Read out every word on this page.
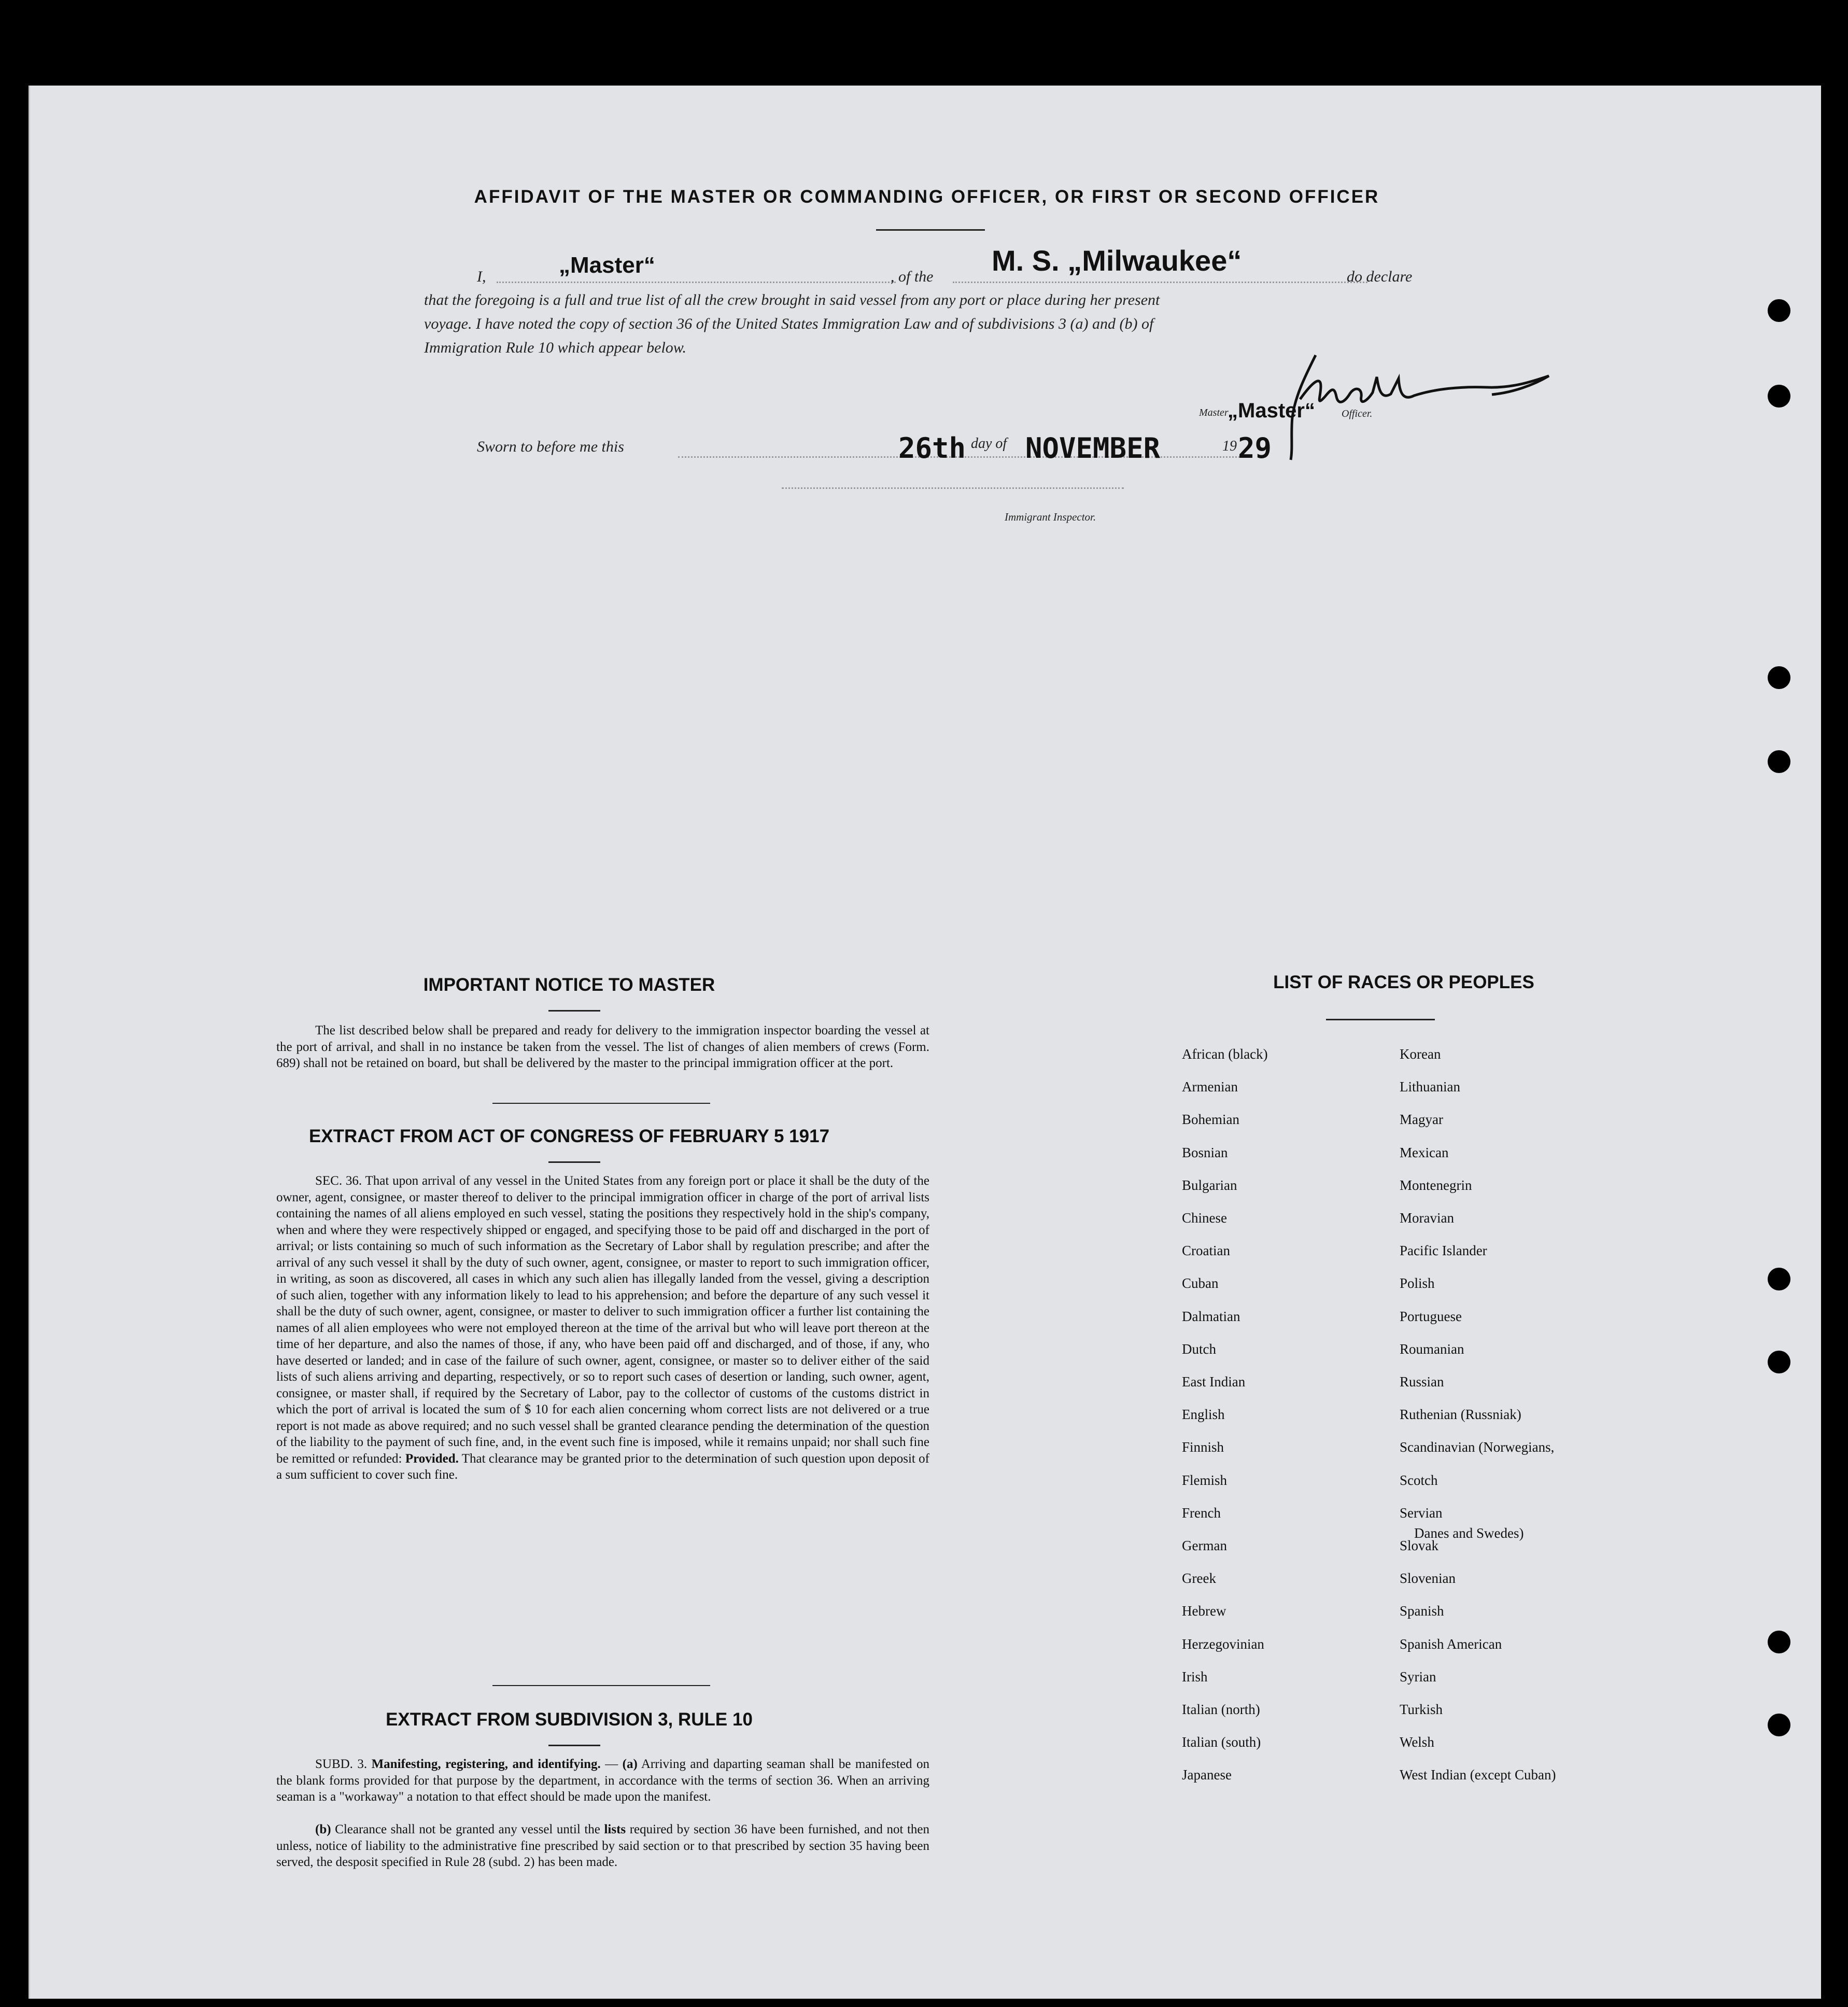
AFFIDAVIT OF THE MASTER OR COMMANDING OFFICER, OR FIRST OR SECOND OFFICER
I,	„Master“	, of the M. S. „Milwaukee“	do declare
that the foregoing is a full and true list of all the crew brought in said vessel from any port or place during her present
voyage. I have noted the copy of section 36 of the United States Immigration Law and of subdivisions 3 (a) and (b) of
Immigration Rule 10 which appear below.
Master
„Master“	Officer.
Sworn to before me this	26th day of NOVEMBER	19 29
Immigrant Inspector.
IMPORTANT NOTICE TO MASTER
The list described below shall be prepared and ready for delivery to the immigration inspector boarding the vessel at the port of arrival, and shall in no instance be taken from the vessel. The list of changes of alien members of crews (Form. 689) shall not be retained on board, but shall be delivered by the master to the principal immigration officer at the port.
EXTRACT FROM ACT OF CONGRESS OF FEBRUARY 5 1917
SEC. 36. That upon arrival of any vessel in the United States from any foreign port or place it shall be the duty of the owner, agent, consignee, or master thereof to deliver to the principal immigration officer in charge of the port of arrival lists containing the names of all aliens employed en such vessel, stating the positions they respectively hold in the ship's company, when and where they were respectively shipped or engaged, and specifying those to be paid off and discharged in the port of arrival; or lists containing so much of such information as the Secretary of Labor shall by regulation prescribe; and after the arrival of any such vessel it shall by the duty of such owner, agent, consignee, or master to report to such immigration officer, in writing, as soon as discovered, all cases in which any such alien has illegally landed from the vessel, giving a description of such alien, together with any information likely to lead to his apprehension; and before the departure of any such vessel it shall be the duty of such owner, agent, consignee, or master to deliver to such immigration officer a further list containing the names of all alien employees who were not employed thereon at the time of the arrival but who will leave port thereon at the time of her departure, and also the names of those, if any, who have been paid off and discharged, and of those, if any, who have deserted or landed; and in case of the failure of such owner, agent, consignee, or master so to deliver either of the said lists of such aliens arriving and departing, respectively, or so to report such cases of desertion or landing, such owner, agent, consignee, or master shall, if required by the Secretary of Labor, pay to the collector of customs of the customs district in which the port of arrival is located the sum of $ 10 for each alien concerning whom correct lists are not delivered or a true report is not made as above required; and no such vessel shall be granted clearance pending the determination of the question of the liability to the payment of such fine, and, in the event such fine is imposed, while it remains unpaid; nor shall such fine be remitted or refunded: Provided. That clearance may be granted prior to the determination of such question upon deposit of a sum sufficient to cover such fine.
EXTRACT FROM SUBDIVISION 3, RULE 10
SUBD. 3. Manifesting, registering, and identifying. — (a) Arriving and daparting seaman shall be manifested on the blank forms provided for that purpose by the department, in accordance with the terms of section 36. When an arriving seaman is a "workaway" a notation to that effect should be made upon the manifest.
(b) Clearance shall not be granted any vessel until the lists required by section 36 have been furnished, and not then unless, notice of liability to the administrative fine prescribed by said section or to that prescribed by section 35 having been served, the desposit specified in Rule 28 (subd. 2) has been made.
LIST OF RACES OR PEOPLES
African (black)
Armenian
Bohemian
Bosnian
Bulgarian
Chinese
Croatian
Cuban
Dalmatian
Dutch
East Indian
English
Finnish
Flemish
French
German
Greek
Hebrew
Herzegovinian
Irish
Italian (north)
Italian (south)
Japanese
Korean
Lithuanian
Magyar
Mexican
Montenegrin
Moravian
Pacific Islander
Polish
Portuguese
Roumanian
Russian
Ruthenian (Russniak)
Scandinavian (Norwegians,
Scotch
Servian
Slovak
Slovenian
Spanish
Spanish American
Syrian
Turkish
Welsh
West Indian (except Cuban)
Danes and Swedes)
